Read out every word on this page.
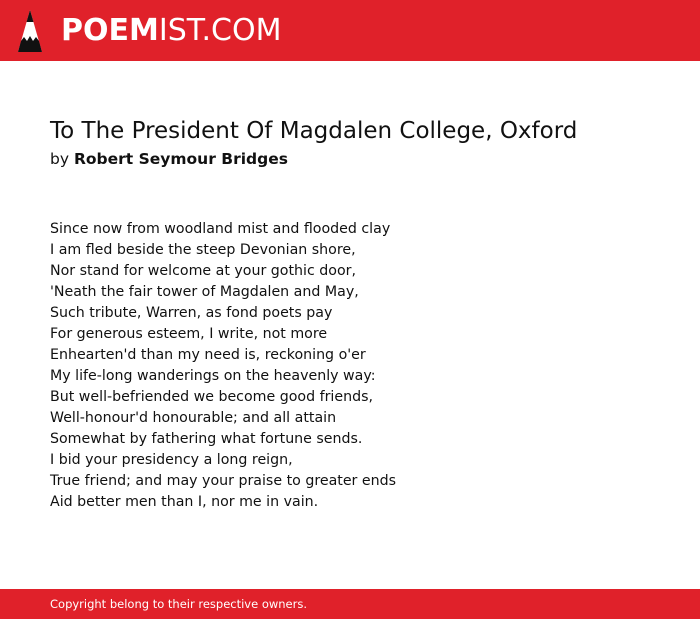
POEMIST.COM
To The President Of Magdalen College, Oxford
by Robert Seymour Bridges
Since now from woodland mist and flooded clay
I am fled beside the steep Devonian shore,
Nor stand for welcome at your gothic door,
'Neath the fair tower of Magdalen and May,
Such tribute, Warren, as fond poets pay
For generous esteem, I write, not more
Enhearten'd than my need is, reckoning o'er
My life-long wanderings on the heavenly way:
But well-befriended we become good friends,
Well-honour'd honourable; and all attain
Somewhat by fathering what fortune sends.
I bid your presidency a long reign,
True friend; and may your praise to greater ends
Aid better men than I, nor me in vain.
Copyright belong to their respective owners.
